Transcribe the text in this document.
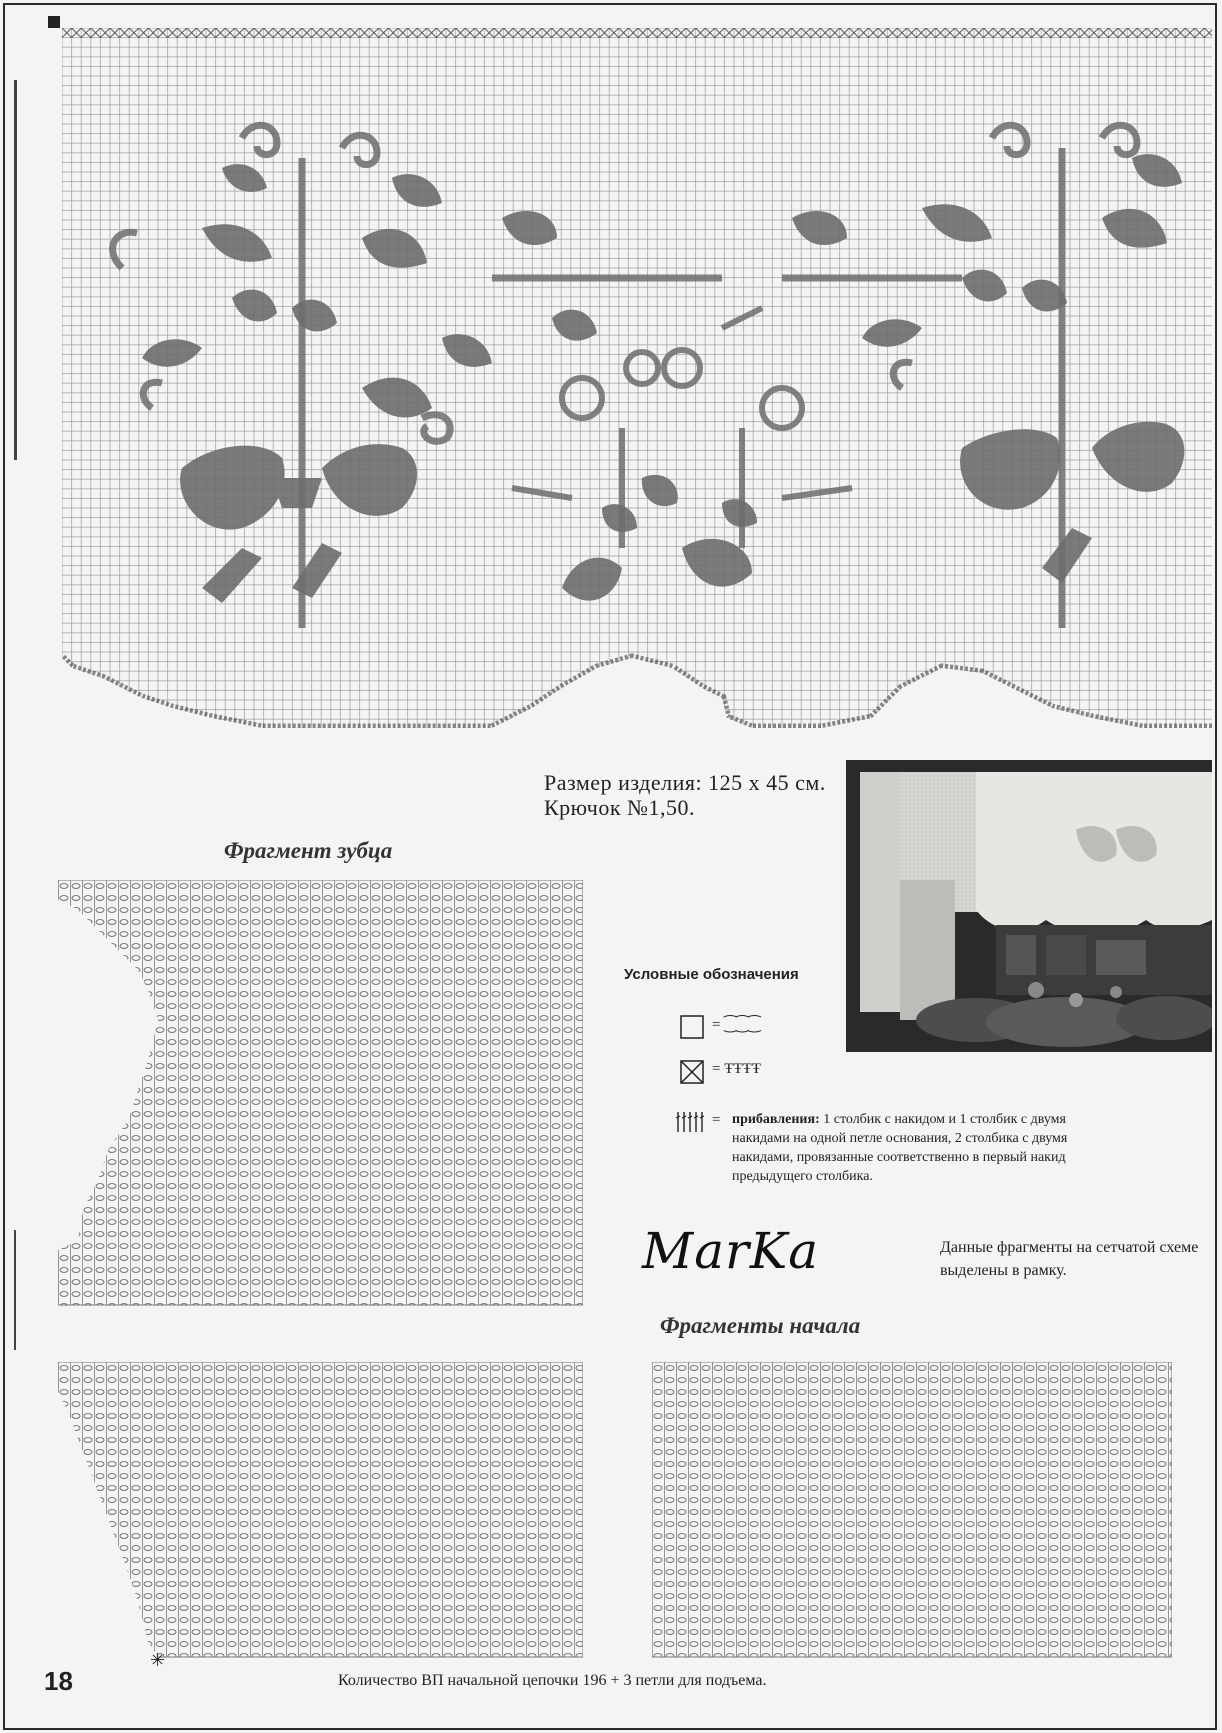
Размер изделия: 125 x 45 см.
Крючок №1,50.
Фрагмент зубца
Условные обозначения
= ⁐⁐⁐
= ŦŦŦŦ
= прибавления: 1 столбик с накидом и 1 столбик с двумя накидами на одной петле основания, 2 столбика с двумя накидами, провязанные соответственно в первый накид предыдущего столбика.
MarKa	Данные фрагменты на сетчатой схеме выделены в рамку.
Фрагменты начала
✳
18	Количество ВП начальной цепочки 196 + 3 петли для подъема.
